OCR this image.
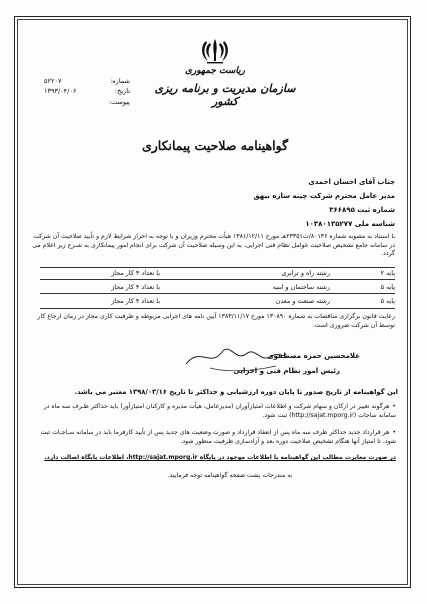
شماره:
۵۲۲۰۷
تاریخ:
۱۳۹۳/۰۴/۰۶
پیوست:
ریاست جمهوری
سازمان مدیریت و برنامه ریزی کشور
گواهینامه صلاحیت پیمانکاری
جناب آقای احسان احمدی
مدیر عامل محترم شرکت چینه سازه بیهق
شماره ثبت ۳۶۶۸۹۵
شناسه ملی ۱۰۳۸۰۱۳۵۲۷۷
با استناد به مصوبه شماره ۸۰۱۳۶/ت۲۳۳۵۱هـ مورخ ۱۳۸۱/۱۲/۱۱ هیأت محترم وزیران و با توجه به احراز شرایط لازم و تأیید صلاحیت آن شرکت در سامانه جامع تشخیص صلاحیت عوامل نظام فنی اجرایی، به این وسیله صلاحیت آن شرکت برای انجام امور پیمانکاری به شـرح زیر اعلام می گردد.
پایه ۲
رشته راه و ترابری
با تعداد ۳ کار مجاز
پایه ۵
رشته ساختمان و ابنیه
با تعداد ۴ کار مجاز
پایه ۵
رشته صنعت و معدن
با تعداد ۴ کار مجاز
رعایت قانون برگزاری مناقصات به شماره ۱۳۰۸۹۰ مورخ ۱۳۸۳/۱۱/۱۷ آیین نامه های اجرایی مربوطه و ظرفیت کاری مجاز در زمان ارجاع کار توسط آن شرکت ضروری است.
غلامحسین حمزه مصطفوی
رئیس امور نظام فنی و اجرایی
این گواهینامه از تاریخ صدور تا پایان دوره ارزشیابی و حداکثر تا تاریخ ۱۳۹۸/۰۳/۱۶ معتبر می باشد.
• هرگونه تغییر در ارکان و سهام شرکت و اطلاعات امتیازآوران (مدیرعامل، هیأت مدیره و کارکنان امتیازآور) باید حداکثر ظـرف سه ماه در سامانه ساجات (http://sajat.mporg.ir) ثبت شود.
• هر قرارداد جدید حداکثر ظرف سه ماه پس از انعقاد قرارداد و صورت وضعیت های جدید پس از تأیید کارفرما باید در سامانه سـاجـات ثبت شود، تا امتیاز آنها هنگام تشخیص صلاحیت دوره بعد و آزادسازی ظرفیت منظور شود.
در صورت مغایرت مطالب این گواهینامه با اطلاعات موجود در پایگاه http://sajat.mporg.ir، اطلاعات پایگاه اصالت دارد.
به مندرجات پشت صفحه گواهینامه توجه فرمایید.
